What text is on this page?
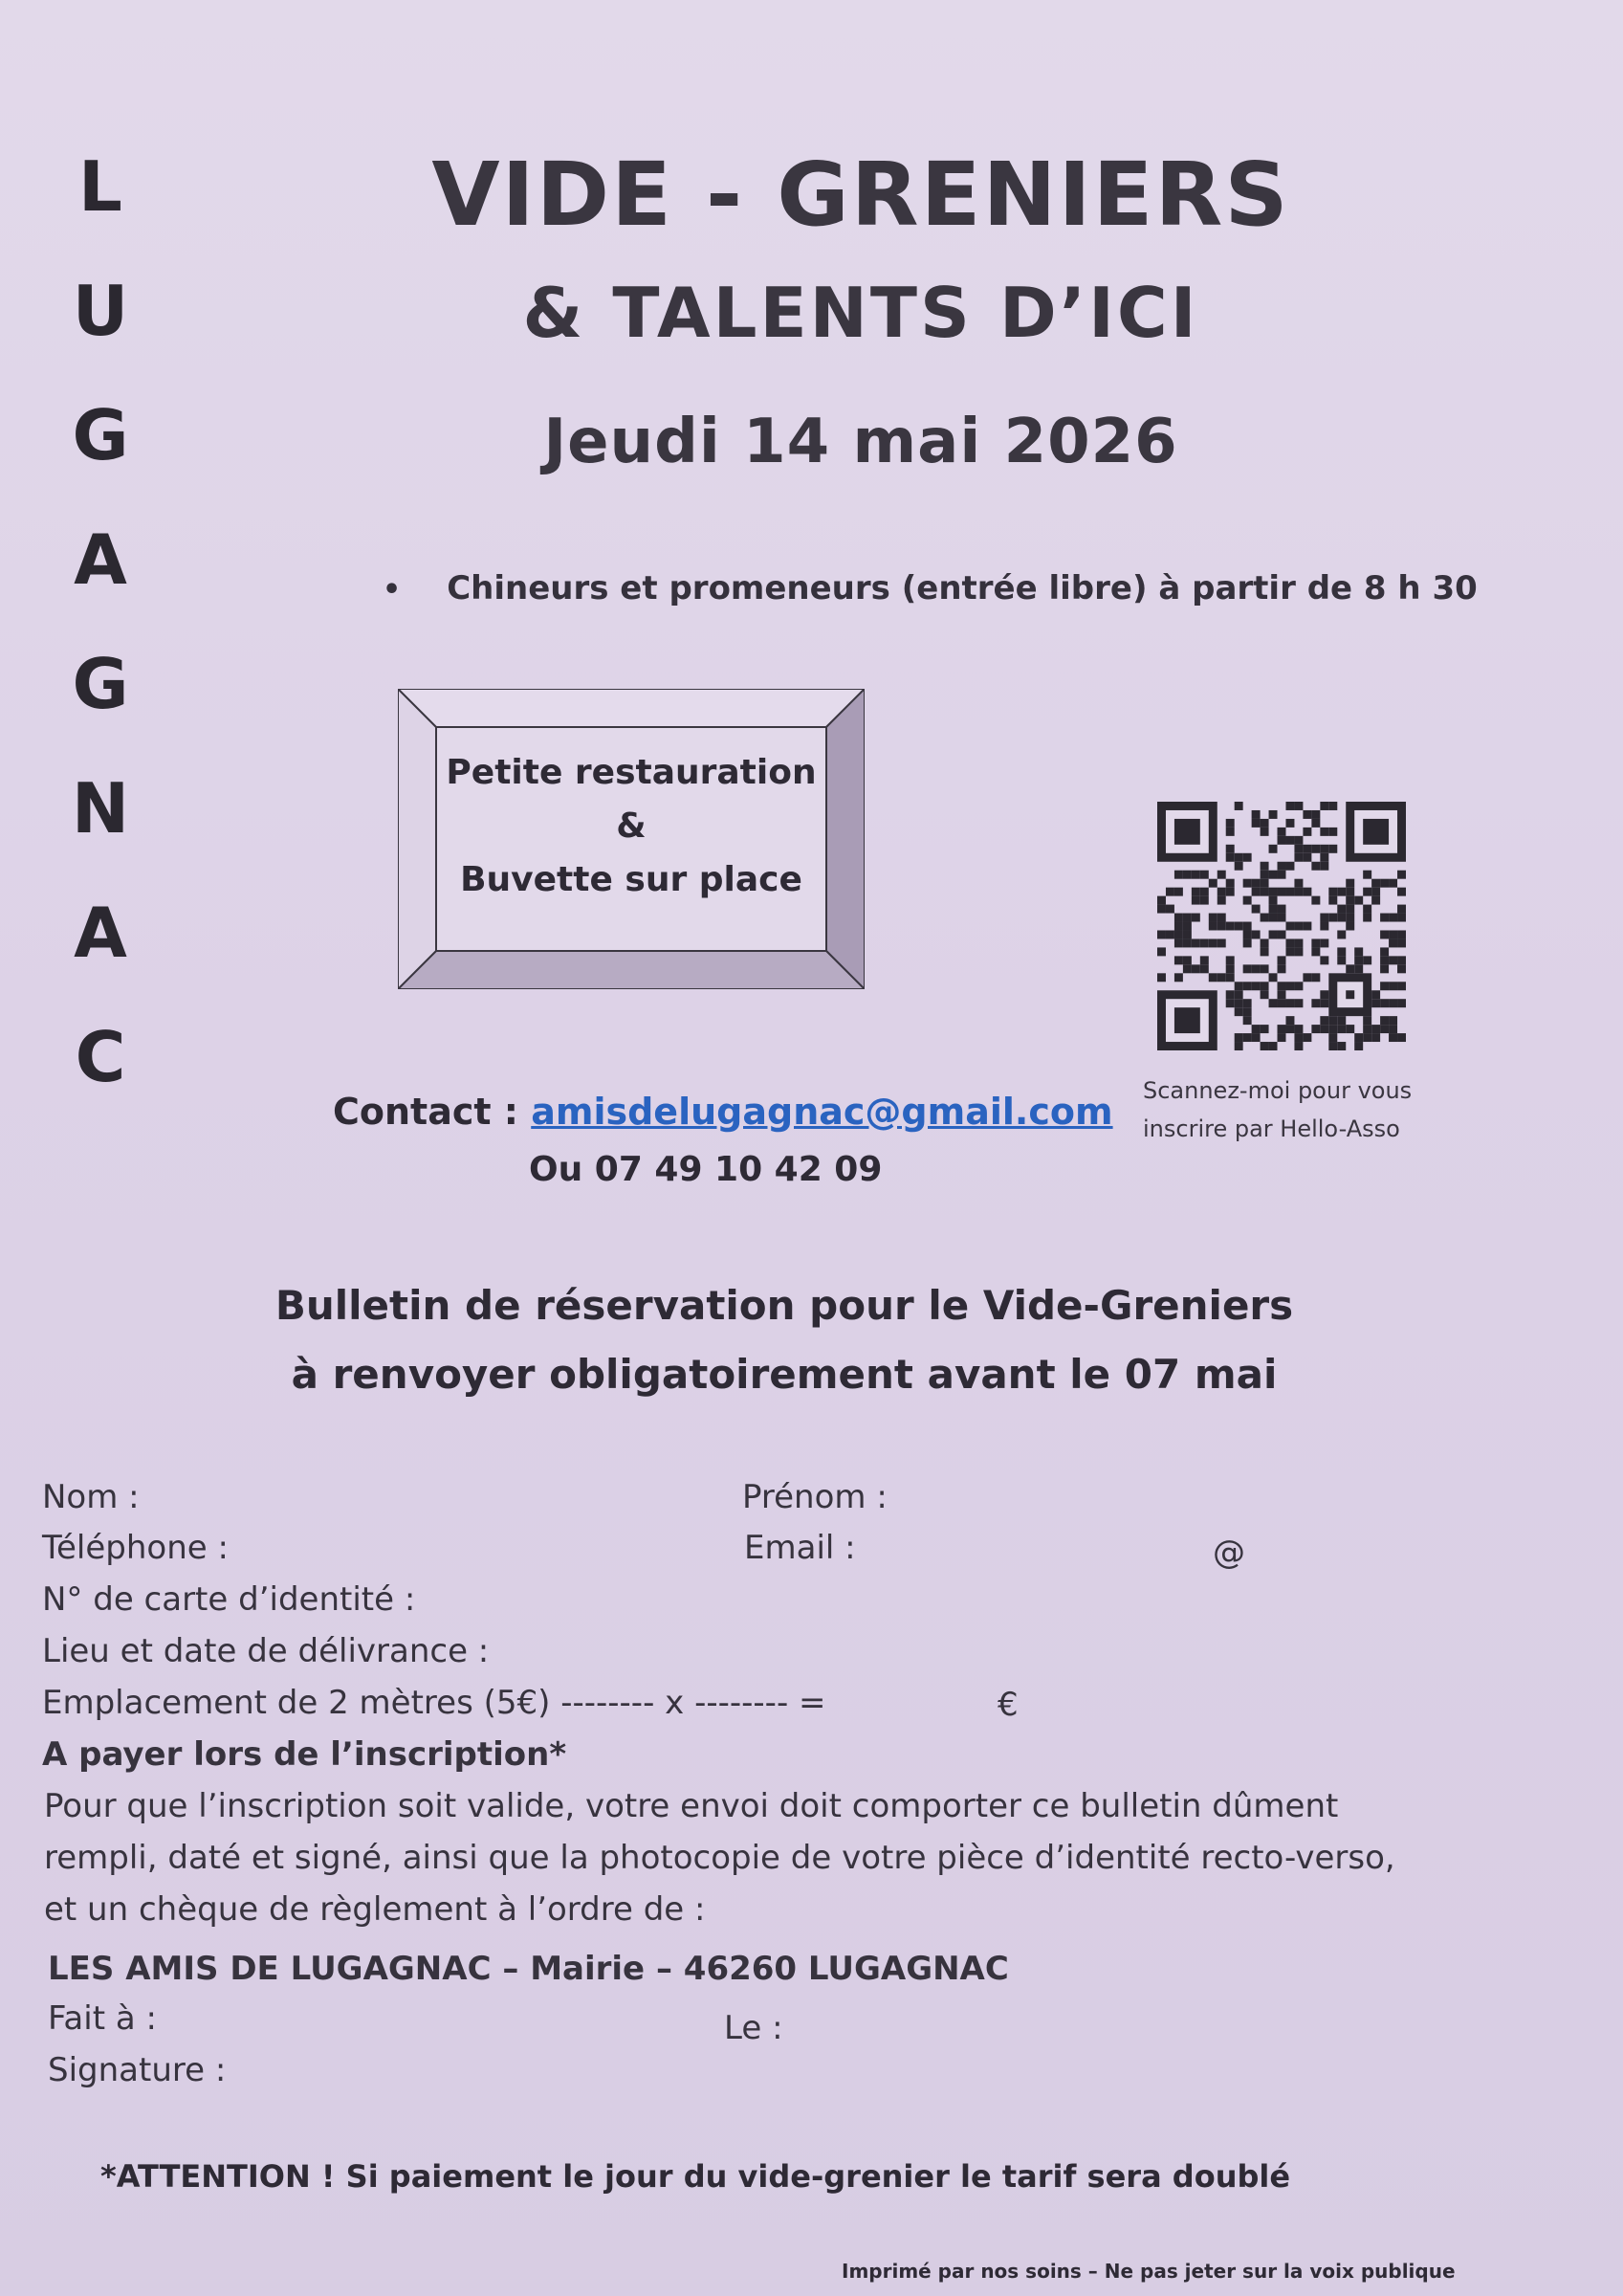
L
U
G
A
G
N
A
C
VIDE - GRENIERS
& TALENTS D’ICI
Jeudi 14 mai 2026
• Chineurs et promeneurs (entrée libre) à partir de 8 h 30
Petite restauration
&
Buvette sur place
Scannez-moi pour vous
inscrire par Hello-Asso
Contact : amisdelugagnac@gmail.com
Ou 07 49 10 42 09
Bulletin de réservation pour le Vide-Greniers
à renvoyer obligatoirement avant le 07 mai
Nom :	Prénom :
Téléphone :	Email :	@
N° de carte d’identité :
Lieu et date de délivrance :
Emplacement de 2 mètres (5€) -------- x -------- =	€
A payer lors de l’inscription*
Pour que l’inscription soit valide, votre envoi doit comporter ce bulletin dûment
rempli, daté et signé, ainsi que la photocopie de votre pièce d’identité recto-verso,
et un chèque de règlement à l’ordre de :
LES AMIS DE LUGAGNAC – Mairie – 46260 LUGAGNAC
Fait à :	Le :
Signature :
*ATTENTION ! Si paiement le jour du vide-grenier le tarif sera doublé
Imprimé par nos soins – Ne pas jeter sur la voix publique
